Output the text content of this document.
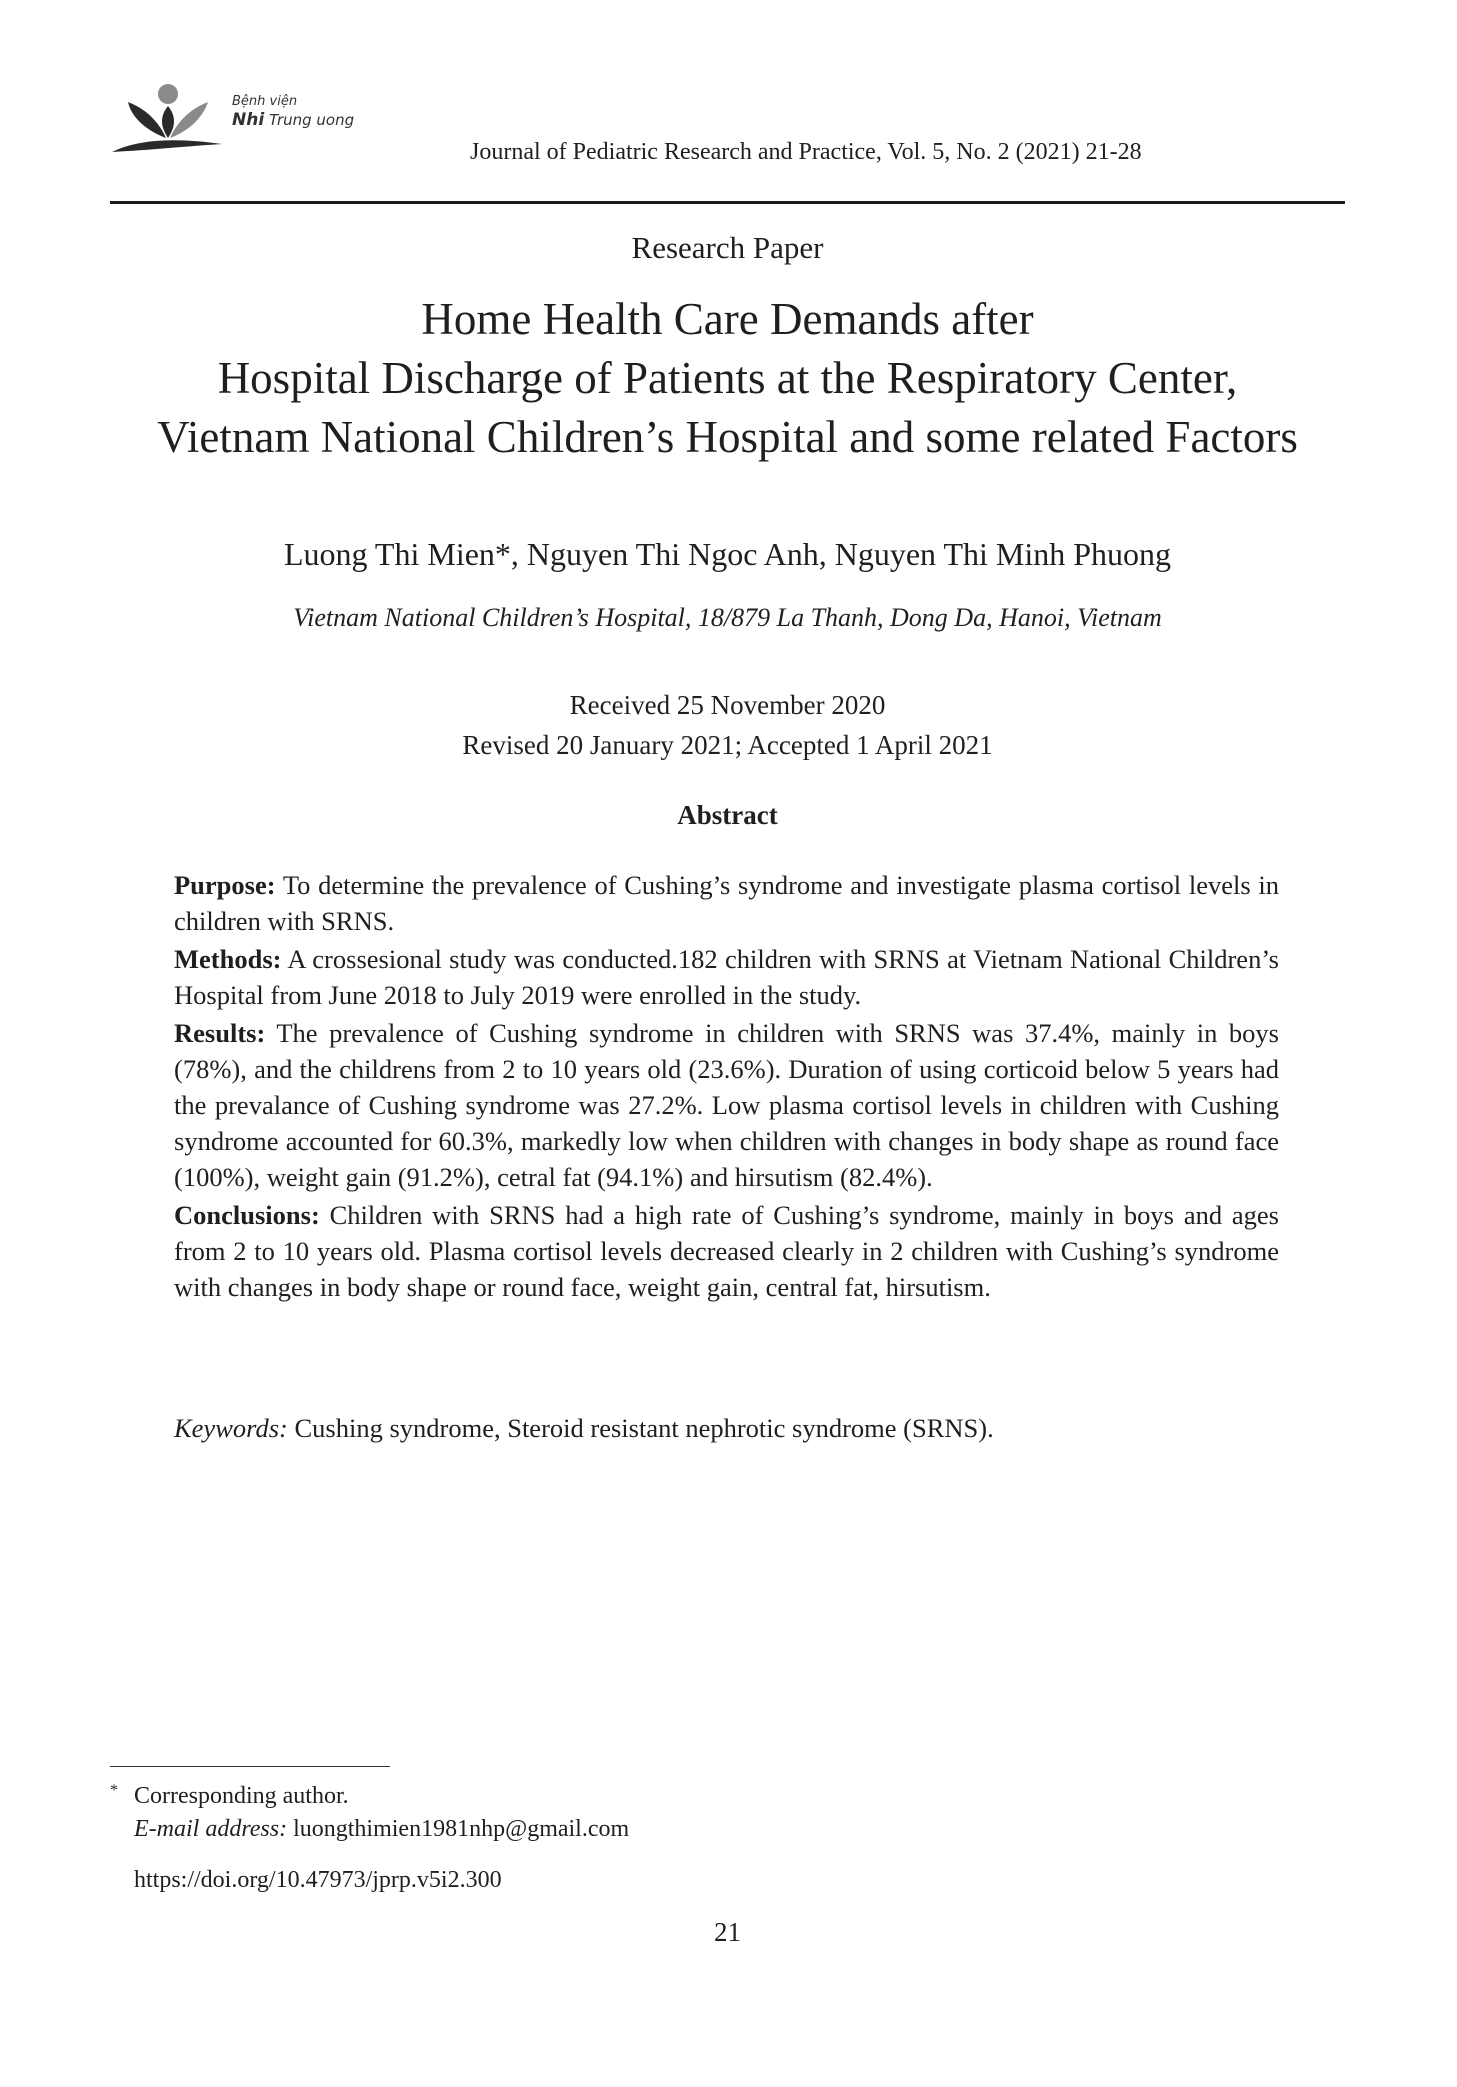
Bệnh viện
Nhi Trung uong
Journal of Pediatric Research and Practice, Vol. 5, No. 2 (2021) 21-28
Research Paper
Home Health Care Demands after
Hospital Discharge of Patients at the Respiratory Center,
Vietnam National Children’s Hospital and some related Factors
Luong Thi Mien*, Nguyen Thi Ngoc Anh, Nguyen Thi Minh Phuong
Vietnam National Children’s Hospital, 18/879 La Thanh, Dong Da, Hanoi, Vietnam
Received 25 November 2020
Revised 20 January 2021; Accepted 1 April 2021
Abstract

Purpose: To determine the prevalence of Cushing’s syndrome and investigate plasma cortisol levels in children with SRNS.

Methods: A crossesional study was conducted.182 children with SRNS at Vietnam National Children’s Hospital from June 2018 to July 2019 were enrolled in the study.

Results: The prevalence of Cushing syndrome in children with SRNS was 37.4%, mainly in boys (78%), and the childrens from 2 to 10 years old (23.6%). Duration of using corticoid below 5 years had the prevalance of Cushing syndrome was 27.2%. Low plasma cortisol levels in children with Cushing syndrome accounted for 60.3%, markedly low when children with changes in body shape as round face (100%), weight gain (91.2%), cetral fat (94.1%) and hirsutism (82.4%).

Conclusions: Children with SRNS had a high rate of Cushing’s syndrome, mainly in boys and ages from 2 to 10 years old. Plasma cortisol levels decreased clearly in 2 children with Cushing’s syndrome with changes in body shape or round face, weight gain, central fat, hirsutism.

Keywords: Cushing syndrome, Steroid resistant nephrotic syndrome (SRNS).
* Corresponding author.
E-mail address: luongthimien1981nhp@gmail.com
https://doi.org/10.47973/jprp.v5i2.300
21
